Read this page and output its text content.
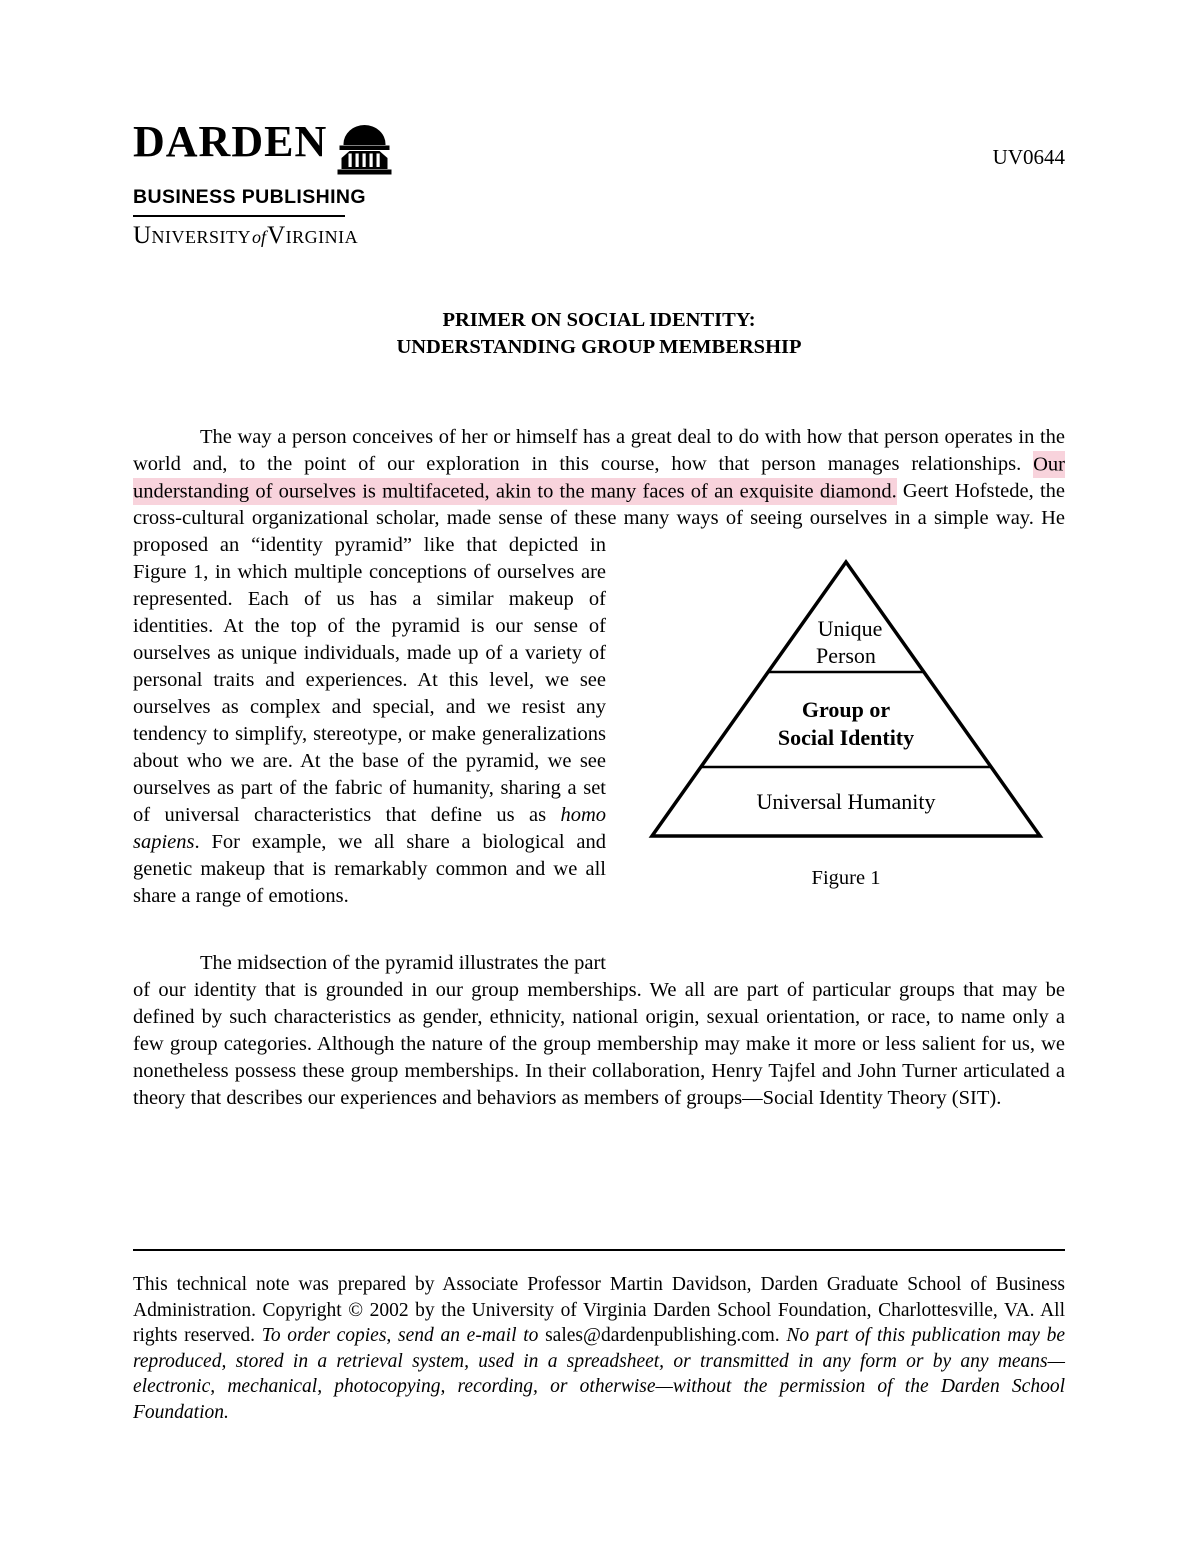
DARDEN
BUSINESS PUBLISHING
UniversityofVirginia
UV0644
PRIMER ON SOCIAL IDENTITY:
UNDERSTANDING GROUP MEMBERSHIP

The way a person conceives of her or himself has a great deal to do with how that person operates in the world and, to the point of our exploration in this course, how that person manages relationships. Our understanding of ourselves is multifaceted, akin to the many faces of an exquisite diamond. Geert Hofstede, the cross-cultural organizational scholar, made sense of these many ways of seeing ourselves in a simple way. He proposed an “identity pyramid” like
Unique
Person
Group or
Social Identity
Universal Humanity
Figure 1
that depicted in Figure 1, in which multiple conceptions of ourselves are represented. Each of us has a similar makeup of identities. At the top of the pyramid is our sense of ourselves as unique individuals, made up of a variety of personal traits and experiences. At this level, we see ourselves as complex and special, and we resist any tendency to simplify, stereotype, or make generalizations about who we are. At the base of the pyramid, we see ourselves as part of the fabric of humanity, sharing a set of universal characteristics that define us as homo sapiens. For example, we all share a biological and genetic makeup that is remarkably common and we all share a range of emotions.

The midsection of the pyramid illustrates the part of our identity that is grounded in our group memberships. We all are part of particular groups that may be defined by such characteristics as gender, ethnicity, national origin, sexual orientation, or race, to name only a few group categories. Although the nature of the group membership may make it more or less salient for us, we nonetheless possess these group memberships. In their collaboration, Henry Tajfel and John Turner articulated a theory that describes our experiences and behaviors as members of groups—Social Identity Theory (SIT).

This technical note was prepared by Associate Professor Martin Davidson, Darden Graduate School of Business Administration. Copyright © 2002 by the University of Virginia Darden School Foundation, Charlottesville, VA. All rights reserved. To order copies, send an e-mail to sales@dardenpublishing.com. No part of this publication may be reproduced, stored in a retrieval system, used in a spreadsheet, or transmitted in any form or by any means—electronic, mechanical, photocopying, recording, or otherwise—without the permission of the Darden School Foundation.
